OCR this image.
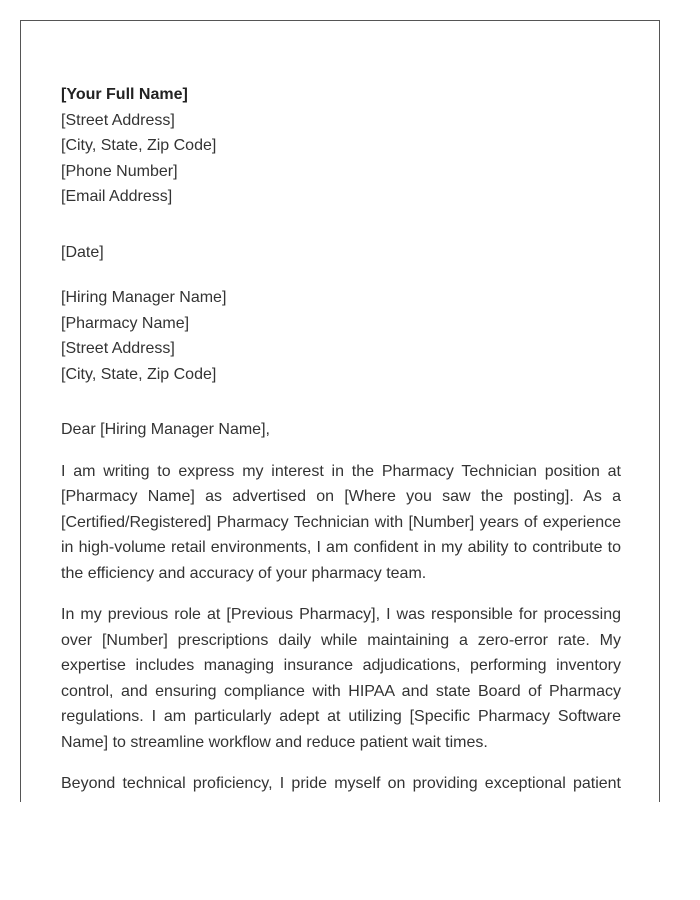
[Your Full Name]
[Street Address]
[City, State, Zip Code]
[Phone Number]
[Email Address]
[Date]
[Hiring Manager Name]
[Pharmacy Name]
[Street Address]
[City, State, Zip Code]
Dear [Hiring Manager Name],

I am writing to express my interest in the Pharmacy Technician position at [Pharmacy Name] as advertised on [Where you saw the posting]. As a [Certified/Registered] Pharmacy Technician with [Number] years of experience in high-volume retail environments, I am confident in my ability to contribute to the efficiency and accuracy of your pharmacy team.

In my previous role at [Previous Pharmacy], I was responsible for processing over [Number] prescriptions daily while maintaining a zero-error rate. My expertise includes managing insurance adjudications, performing inventory control, and ensuring compliance with HIPAA and state Board of Pharmacy regulations. I am particularly adept at utilizing [Specific Pharmacy Software Name] to streamline workflow and reduce patient wait times.

Beyond technical proficiency, I pride myself on providing exceptional patient
